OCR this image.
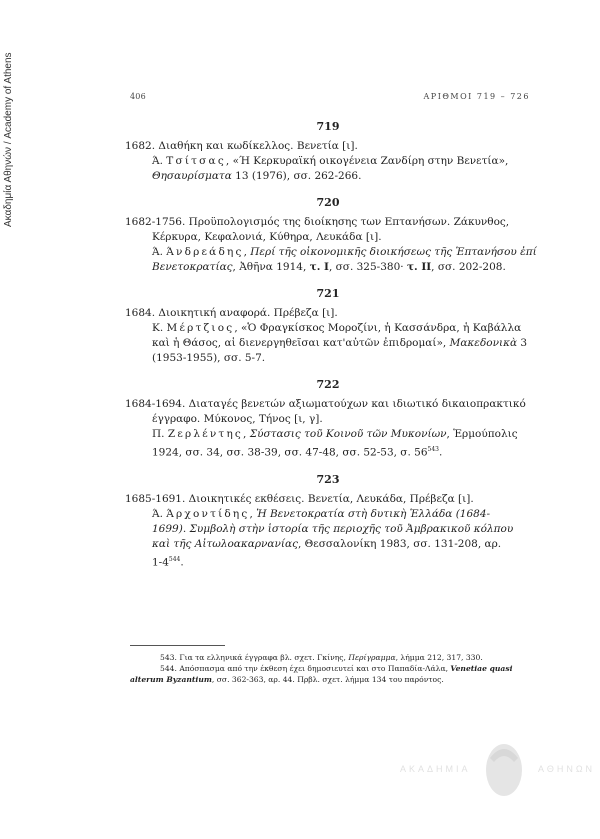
Ακαδημία Αθηνών / Academy of Athens	406	ΑΡΙΘΜΟΙ 719 – 726
719
1682. Διαθήκη και κωδίκελλος. Βενετία [ι].
Ά. Τσίτσας, «Ή Κερκυραϊκή οικογένεια Ζανδίρη στην Βενετία»,
Θησαυρίσματα 13 (1976), σσ. 262-266.
720
1682-1756. Προϋπολογισμός της διοίκησης των Επτανήσων. Ζάκυνθος,
Κέρκυρα, Κεφαλονιά, Κύθηρα, Λευκάδα [ι].
Ά. Άνδρεάδης, Περί τῆς οἰκονομικῆς διοικήσεως τῆς Ἑπτανήσου ἐπί
Βενετοκρατίας, Ἀθῆνα 1914, τ. Ι, σσ. 325-380· τ. ΙΙ, σσ. 202-208.
721
1684. Διοικητική αναφορά. Πρέβεζα [ι].
Κ. Μέρτζιος, «Ὁ Φραγκίσκος Μοροζίνι, ἡ Κασσάνδρα, ἡ Καβάλλα
καὶ ἡ Θάσος, αἱ διενεργηθεῖσαι κατ'αὐτῶν ἐπιδρομαί», Μακεδονικὰ 3
(1953-1955), σσ. 5-7.
722
1684-1694. Διαταγές βενετών αξιωματούχων και ιδιωτικό δικαιοπρακτικό
έγγραφο. Μύκονος, Τήνος [ι, γ].
Π. Ζερλέντης, Σύστασις τοῦ Κοινοῦ τῶν Μυκονίων, Ἑρμούπολις
1924, σσ. 34, σσ. 38-39, σσ. 47-48, σσ. 52-53, σ. $56^{543}$.
723
1685-1691. Διοικητικές εκθέσεις. Βενετία, Λευκάδα, Πρέβεζα [ι].
Ά. Άρχοντίδης, Ἡ Βενετοκρατία στὴ δυτικὴ Ἑλλάδα (1684-
1699). Συμβολὴ στὴν ἱστορία τῆς περιοχῆς τοῦ Ἀμβρακικοῦ κόλπου
καὶ τῆς Αἰτωλοακαρνανίας, Θεσσαλονίκη 1983, σσ. 131-208, αρ.
$1-4^{544}$.
543. Για τα ελληνικά έγγραφα βλ. σχετ. Γκίνης, Περίγραμμα, λήμμα 212, 317, 330.
544. Απόσπασμα από την έκθεση έχει δημοσιευτεί και στο Παπαδία-Λάλα, Venetiae quasi
alterum Byzantium, σσ. 362-363, αρ. 44. Πρβλ. σχετ. λήμμα 134 του παρόντος.
ΑΚΑΔΗΜΙΑ	ΑΘΗΝΩΝ
